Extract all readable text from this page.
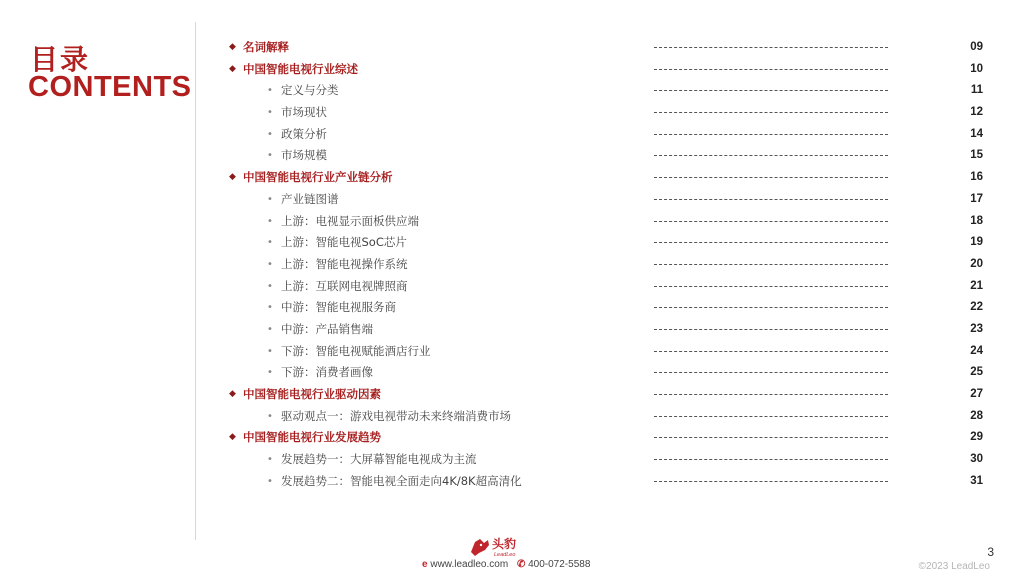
目录
CONTENTS
◆ 名词解释	09
◆ 中国智能电视行业综述	10
• 定义与分类	11
• 市场现状	12
• 政策分析	14
• 市场规模	15
◆ 中国智能电视行业产业链分析	16
• 产业链图谱	17
• 上游：电视显示面板供应端	18
• 上游：智能电视SoC芯片	19
• 上游：智能电视操作系统	20
• 上游：互联网电视牌照商	21
• 中游：智能电视服务商	22
• 中游：产品销售端	23
• 下游：智能电视赋能酒店行业	24
• 下游：消费者画像	25
◆ 中国智能电视行业驱动因素	27
• 驱动观点一：游戏电视带动未来终端消费市场	28
◆ 中国智能电视行业发展趋势	29
• 发展趋势一：大屏幕智能电视成为主流	30
• 发展趋势二：智能电视全面走向4K/8K超高清化	31
头豹
LeadLeo
e www.leadleo.com ✆ 400-072-5588
3
©2023 LeadLeo
